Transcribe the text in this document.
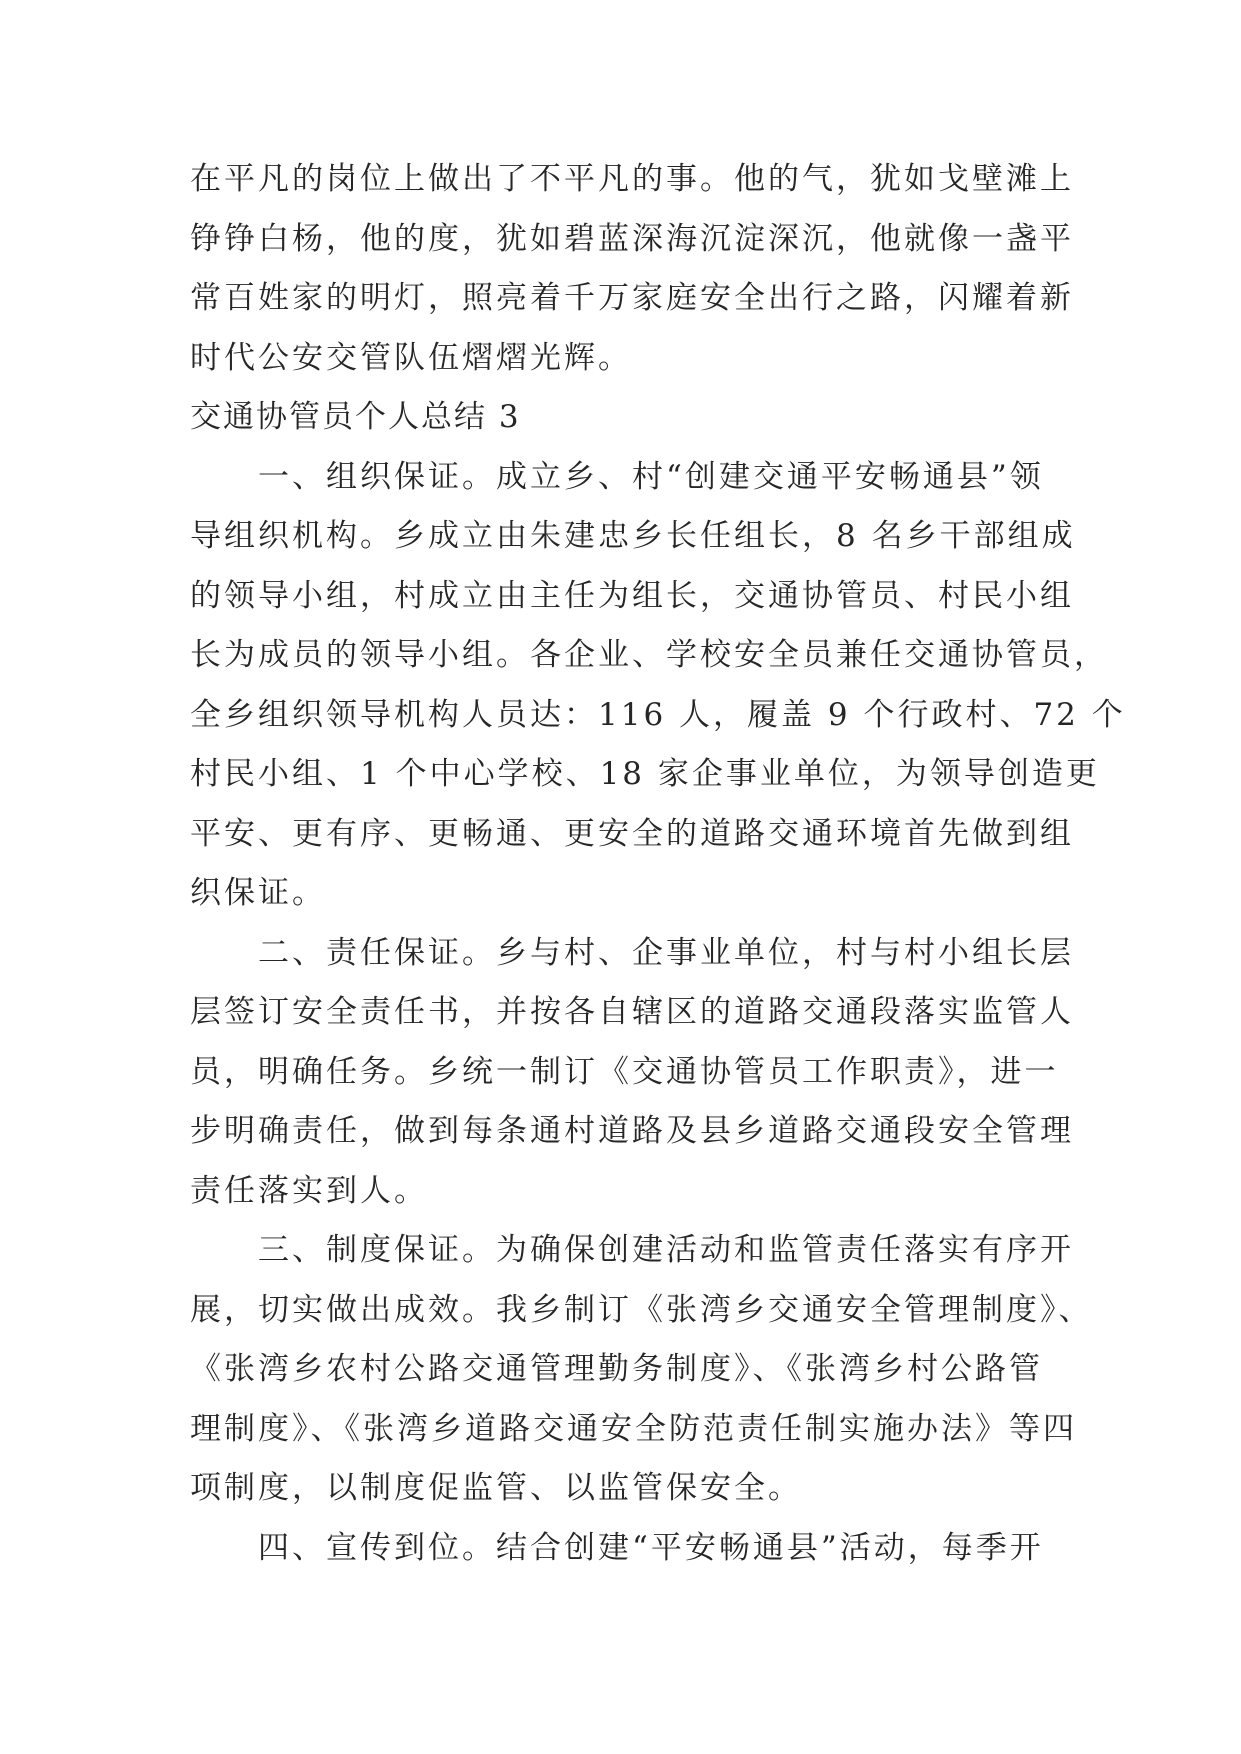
在平凡的岗位上做出了不平凡的事。他的气，犹如戈壁滩上
铮铮白杨，他的度，犹如碧蓝深海沉淀深沉，他就像一盏平
常百姓家的明灯，照亮着千万家庭安全出行之路，闪耀着新
时代公安交管队伍熠熠光辉。
交通协管员个人总结 3
一、组织保证。成立乡、村“创建交通平安畅通县”领
导组织机构。乡成立由朱建忠乡长任组长，8 名乡干部组成
的领导小组，村成立由主任为组长，交通协管员、村民小组
长为成员的领导小组。各企业、学校安全员兼任交通协管员，
全乡组织领导机构人员达：116 人，履盖 9 个行政村、72 个
村民小组、1 个中心学校、18 家企事业单位，为领导创造更
平安、更有序、更畅通、更安全的道路交通环境首先做到组
织保证。
二、责任保证。乡与村、企事业单位，村与村小组长层
层签订安全责任书，并按各自辖区的道路交通段落实监管人
员，明确任务。乡统一制订《交通协管员工作职责》，进一
步明确责任，做到每条通村道路及县乡道路交通段安全管理
责任落实到人。
三、制度保证。为确保创建活动和监管责任落实有序开
展，切实做出成效。我乡制订《张湾乡交通安全管理制度》、
《张湾乡农村公路交通管理勤务制度》、《张湾乡村公路管
理制度》、《张湾乡道路交通安全防范责任制实施办法》等四
项制度，以制度促监管、以监管保安全。
四、宣传到位。结合创建“平安畅通县”活动，每季开
